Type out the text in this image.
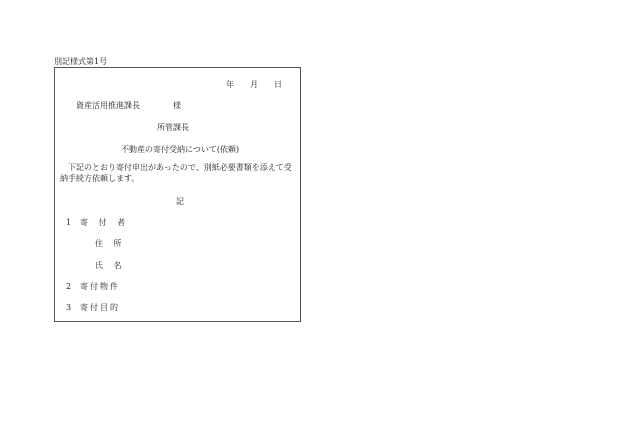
別記様式第1号
年 月 日
資産活用推進課長	様
所管課長
不動産の寄付受納について(依頼)
下記のとおり寄付申出があったので、別紙必要書類を添えて受納手続方依頼します。
記
1 寄 付 者
住 所
氏 名
2 寄付物件
3 寄付目的
